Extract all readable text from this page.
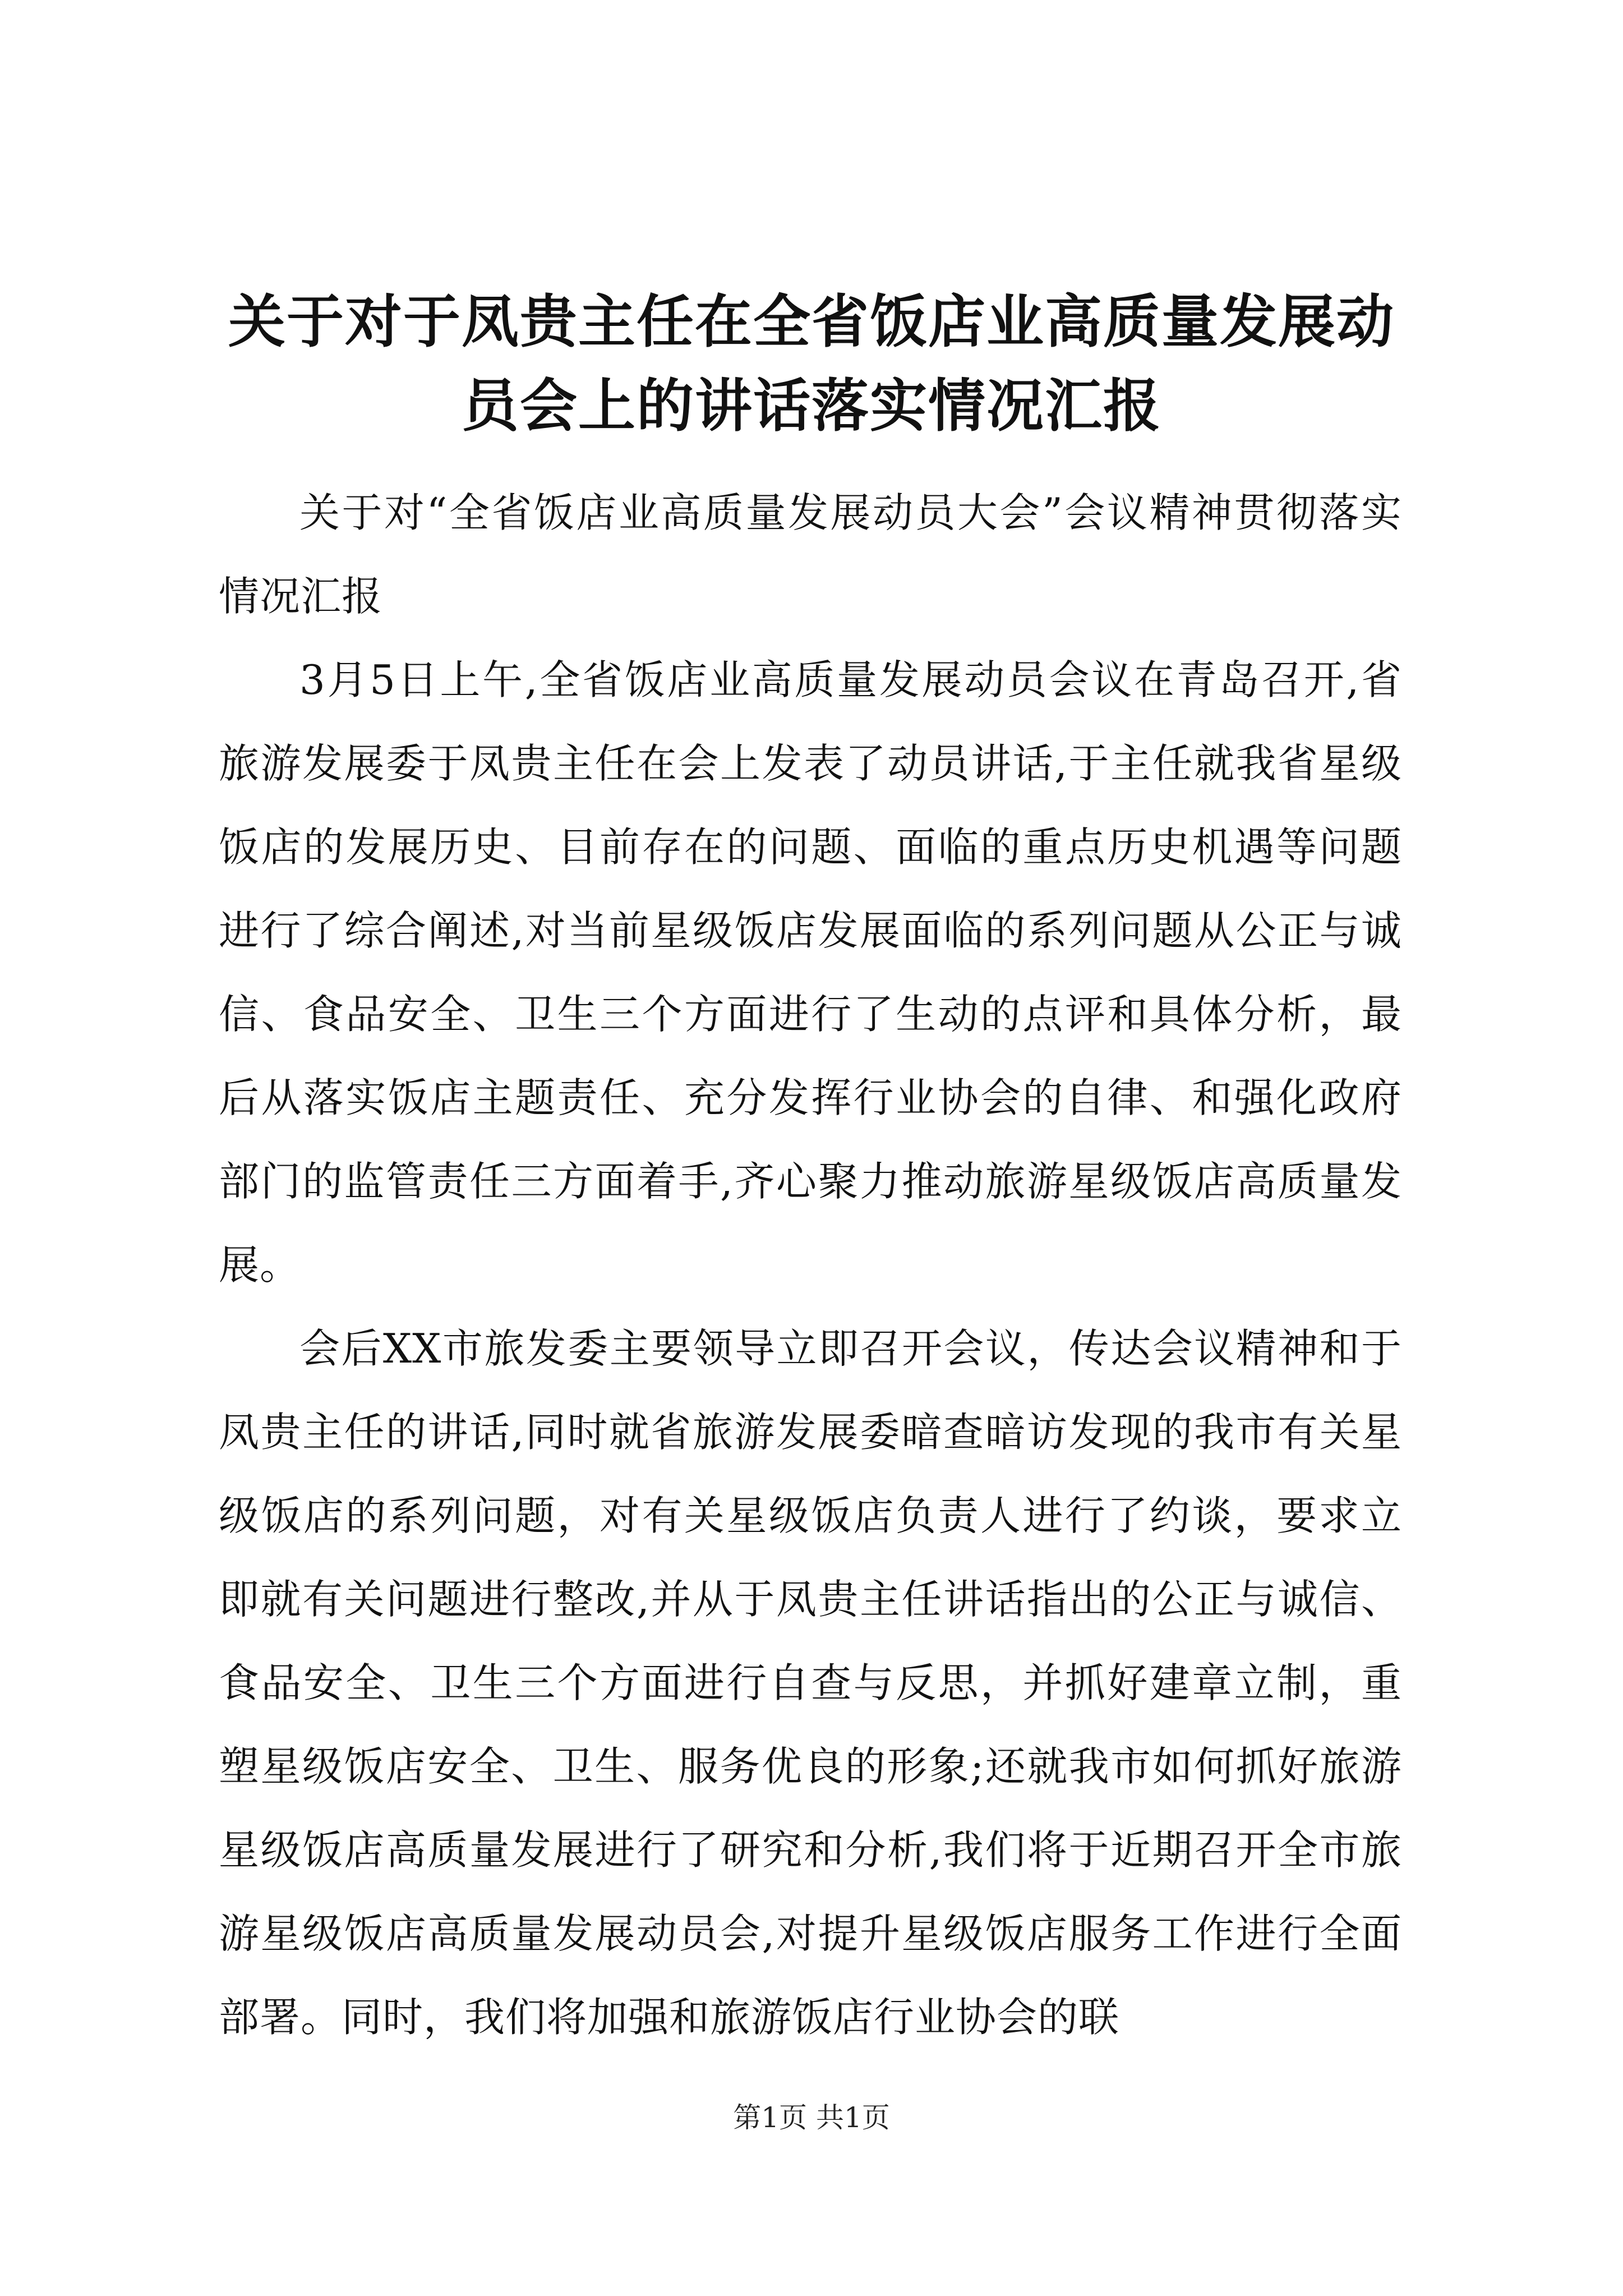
关于对于凤贵主任在全省饭店业高质量发展动员会上的讲话落实情况汇报

关于对“全省饭店业高质量发展动员大会”会议精神贯彻落实情况汇报

3月5日上午,全省饭店业高质量发展动员会议在青岛召开,省旅游发展委于凤贵主任在会上发表了动员讲话,于主任就我省星级饭店的发展历史、目前存在的问题、面临的重点历史机遇等问题进行了综合阐述,对当前星级饭店发展面临的系列问题从公正与诚信、食品安全、卫生三个方面进行了生动的点评和具体分析，最后从落实饭店主题责任、充分发挥行业协会的自律、和强化政府部门的监管责任三方面着手,齐心聚力推动旅游星级饭店高质量发展。

会后XX市旅发委主要领导立即召开会议，传达会议精神和于凤贵主任的讲话,同时就省旅游发展委暗查暗访发现的我市有关星级饭店的系列问题，对有关星级饭店负责人进行了约谈，要求立即就有关问题进行整改,并从于凤贵主任讲话指出的公正与诚信、食品安全、卫生三个方面进行自查与反思，并抓好建章立制，重塑星级饭店安全、卫生、服务优良的形象;还就我市如何抓好旅游星级饭店高质量发展进行了研究和分析,我们将于近期召开全市旅游星级饭店高质量发展动员会,对提升星级饭店服务工作进行全面部署。同时，我们将加强和旅游饭店行业协会的联

第1页 共1页
